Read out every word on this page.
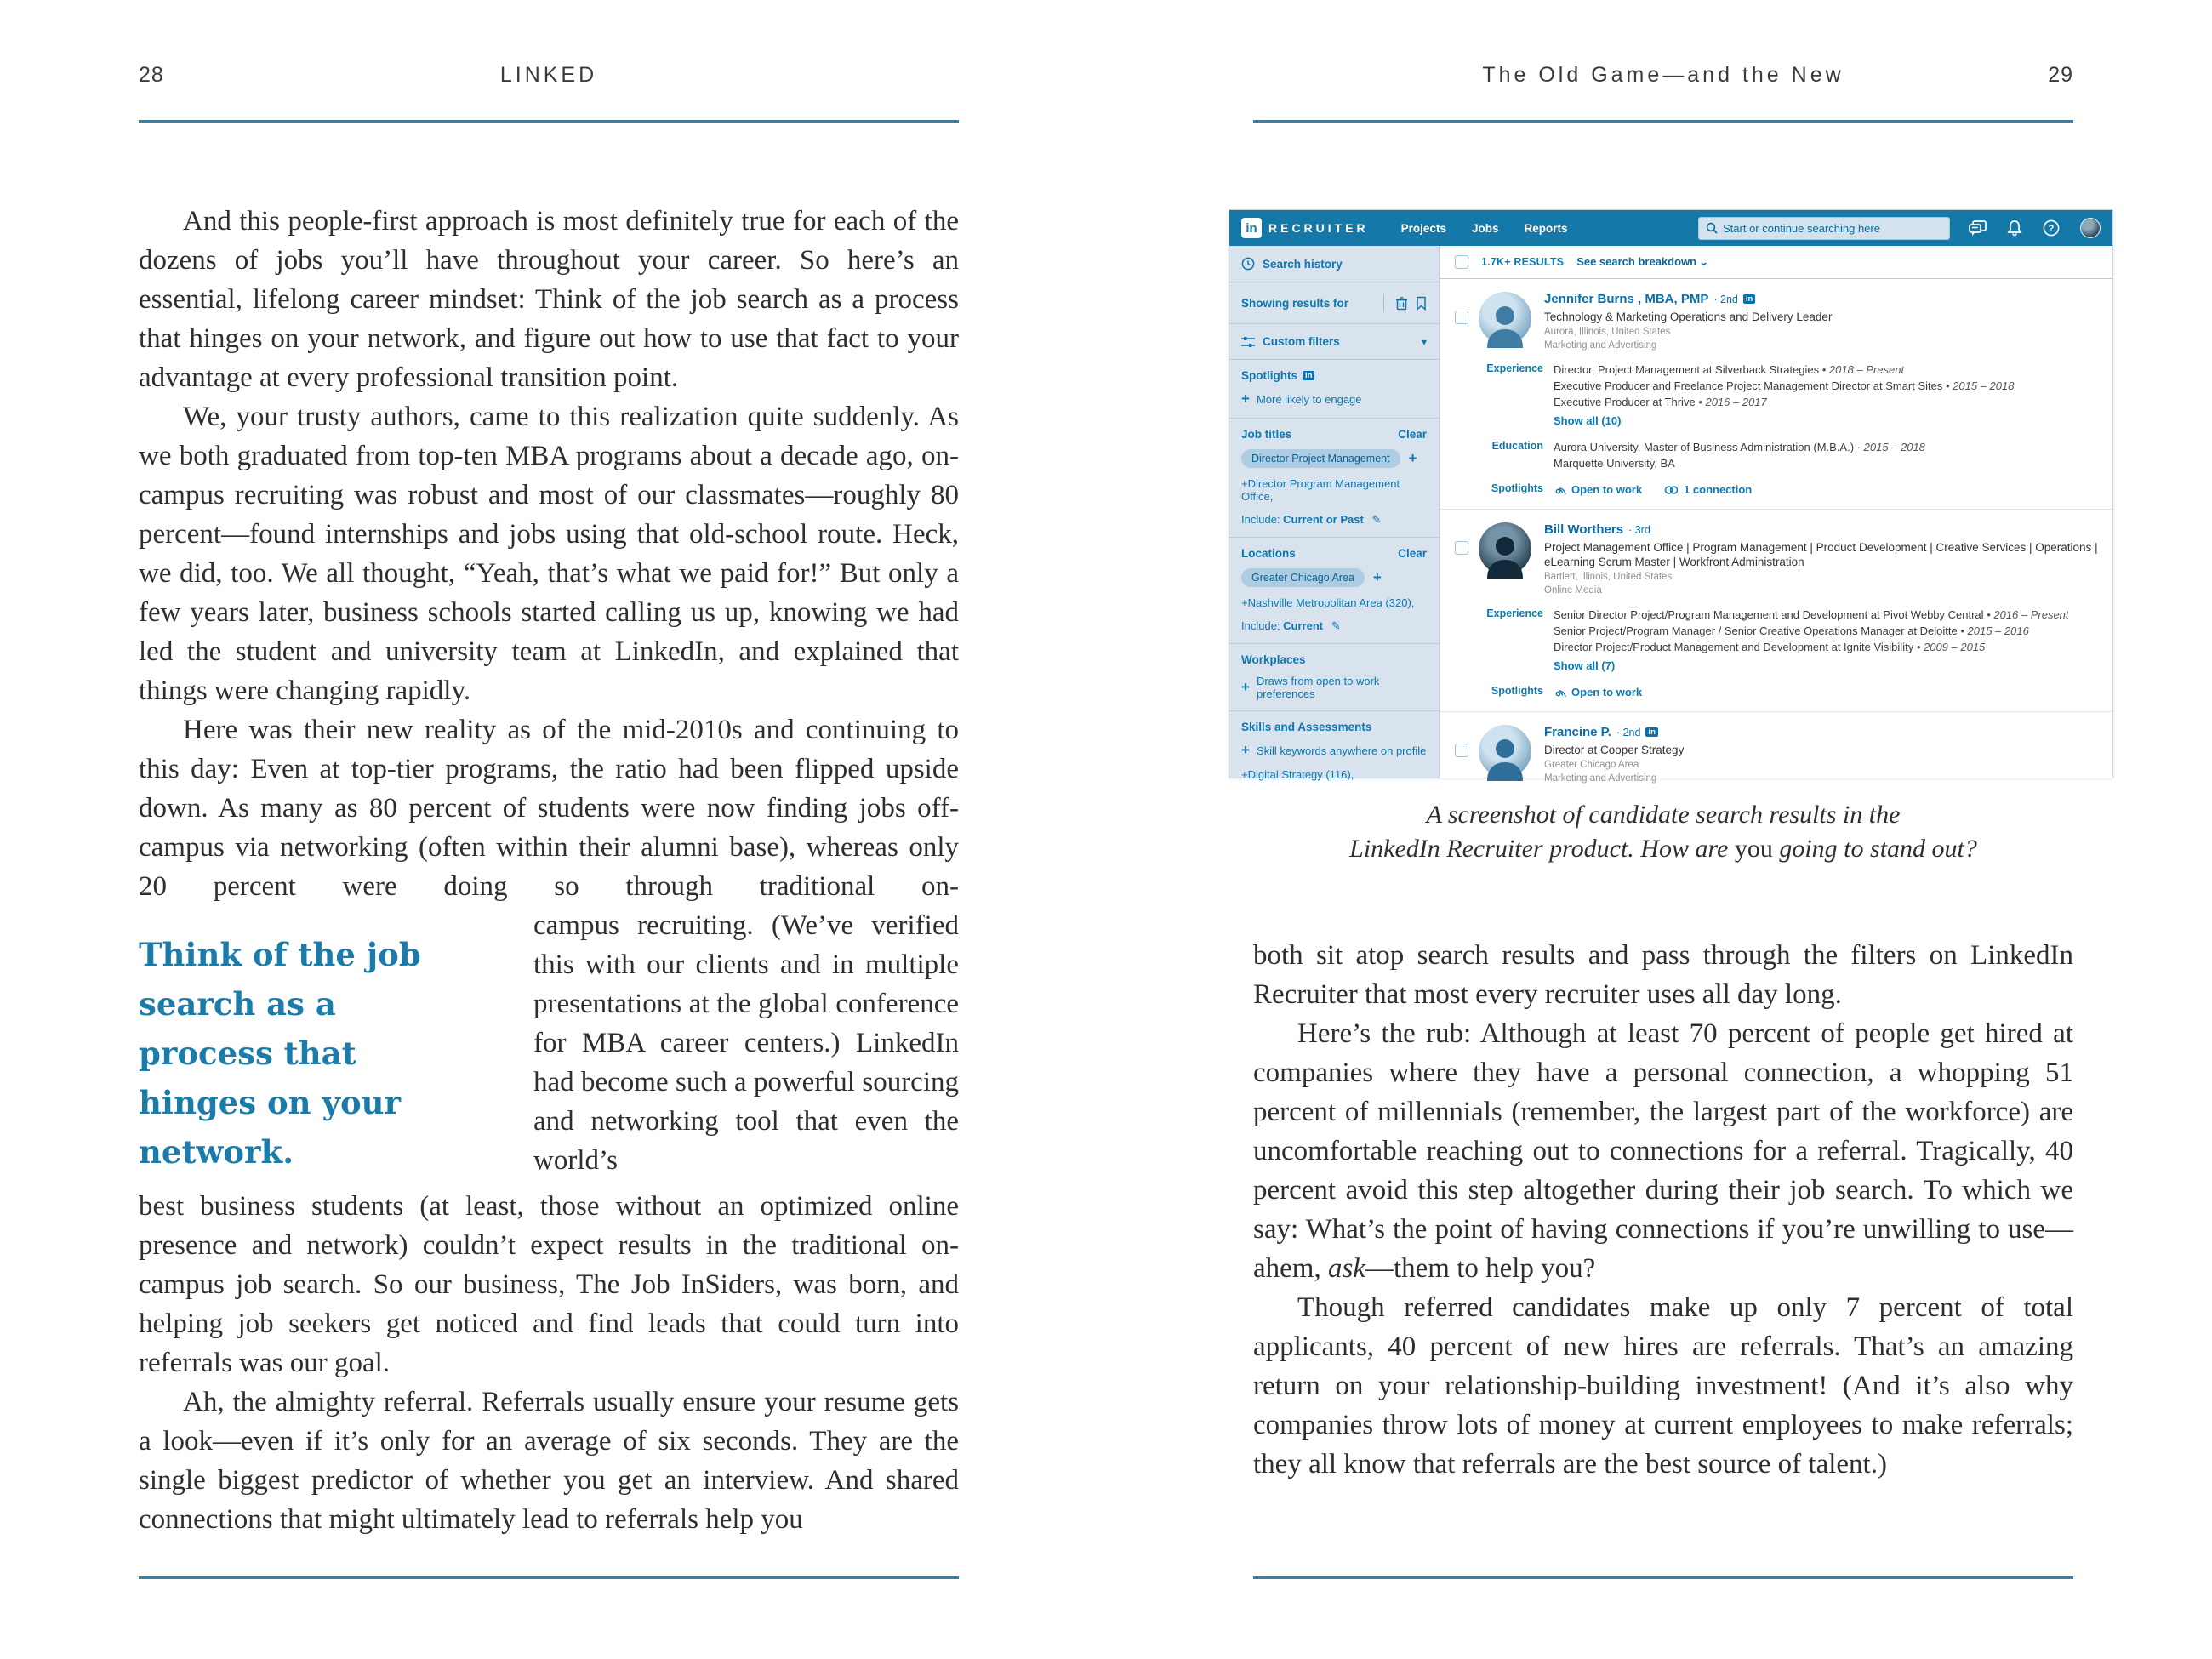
28	LINKED

And this people-first approach is most definitely true for each of the dozens of jobs you’ll have throughout your career. So here’s an essential, lifelong career mindset: Think of the job search as a process that hinges on your network, and figure out how to use that fact to your advantage at every professional transition point.

We, your trusty authors, came to this realization quite suddenly. As we both graduated from top-ten MBA programs about a decade ago, on-campus recruiting was robust and most of our classmates—roughly 80 percent—found internships and jobs using that old-school route. Heck, we did, too. We all thought, “Yeah, that’s what we paid for!” But only a few years later, business schools started calling us up, knowing we had led the student and university team at LinkedIn, and explained that things were changing rapidly.

Here was their new reality as of the mid-2010s and continuing to this day: Even at top-tier programs, the ratio had been flipped upside down. As many as 80 percent of students were now finding jobs off-campus via networking (often within their alumni base), whereas only 20 percent were doing so through traditional on-

Think of the job search as a process that hinges on your network.

campus recruiting. (We’ve verified this with our clients and in multiple presentations at the global conference for MBA career centers.) LinkedIn had become such a powerful sourcing and networking tool that even the world’s

best business students (at least, those without an optimized online presence and network) couldn’t expect results in the traditional on-campus job search. So our business, The Job InSiders, was born, and helping job seekers get noticed and find leads that could turn into referrals was our goal.

Ah, the almighty referral. Referrals usually ensure your resume gets a look—even if it’s only for an average of six seconds. They are the single biggest predictor of whether you get an interview. And shared connections that might ultimately lead to referrals help you

The Old Game—and the New	29
in RECRUITER	Projects Jobs Reports
Start or continue searching here	?
Search history
Showing results for
Custom filters	▾
Spotlights in
+ More likely to engage
Job titles	Clear
Director Project Management	+
+Director Program Management Office,
Include: Current or Past ✎
Locations	Clear
Greater Chicago Area	+
+Nashville Metropolitan Area (320),
Include: Current ✎
Workplaces
+ Draws from open to work preferences
Skills and Assessments
+ Skill keywords anywhere on profile
+Digital Strategy (116),
1.7K+ RESULTS See search breakdown ⌄
Jennifer Burns , MBA, PMP · 2nd in
Technology & Marketing Operations and Delivery Leader
Aurora, Illinois, United States
Marketing and Advertising
Experience Director, Project Management at Silverback Strategies • 2018 – Present
Executive Producer and Freelance Project Management Director at Smart Sites • 2015 – 2018
Executive Producer at Thrive • 2016 – 2017
Show all (10)
Education Aurora University, Master of Business Administration (M.B.A.) · 2015 – 2018
Marquette University, BA
Spotlights	Open to work	1 connection
Bill Worthers · 3rd
Project Management Office | Program Management | Product Development | Creative Services | Operations | eLearning Scrum Master | Workfront Administration
Bartlett, Illinois, United States
Online Media
Experience Senior Director Project/Program Management and Development at Pivot Webby Central • 2016 – Present
Senior Project/Program Manager / Senior Creative Operations Manager at Deloitte • 2015 – 2016
Director Project/Product Management and Development at Ignite Visibility • 2009 – 2015
Show all (7)
Spotlights	Open to work
Francine P. · 2nd in
Director at Cooper Strategy
Greater Chicago Area
Marketing and Advertising
A screenshot of candidate search results in the
LinkedIn Recruiter product. How are you going to stand out?

both sit atop search results and pass through the filters on LinkedIn Recruiter that most every recruiter uses all day long.

Here’s the rub: Although at least 70 percent of people get hired at companies where they have a personal connection, a whopping 51 percent of millennials (remember, the largest part of the workforce) are uncomfortable reaching out to connections for a referral. Tragically, 40 percent avoid this step altogether during their job search. To which we say: What’s the point of having connections if you’re unwilling to use—ahem, ask—them to help you?

Though referred candidates make up only 7 percent of total applicants, 40 percent of new hires are referrals. That’s an amazing return on your relationship-building investment! (And it’s also why companies throw lots of money at current employees to make referrals; they all know that referrals are the best source of talent.)
